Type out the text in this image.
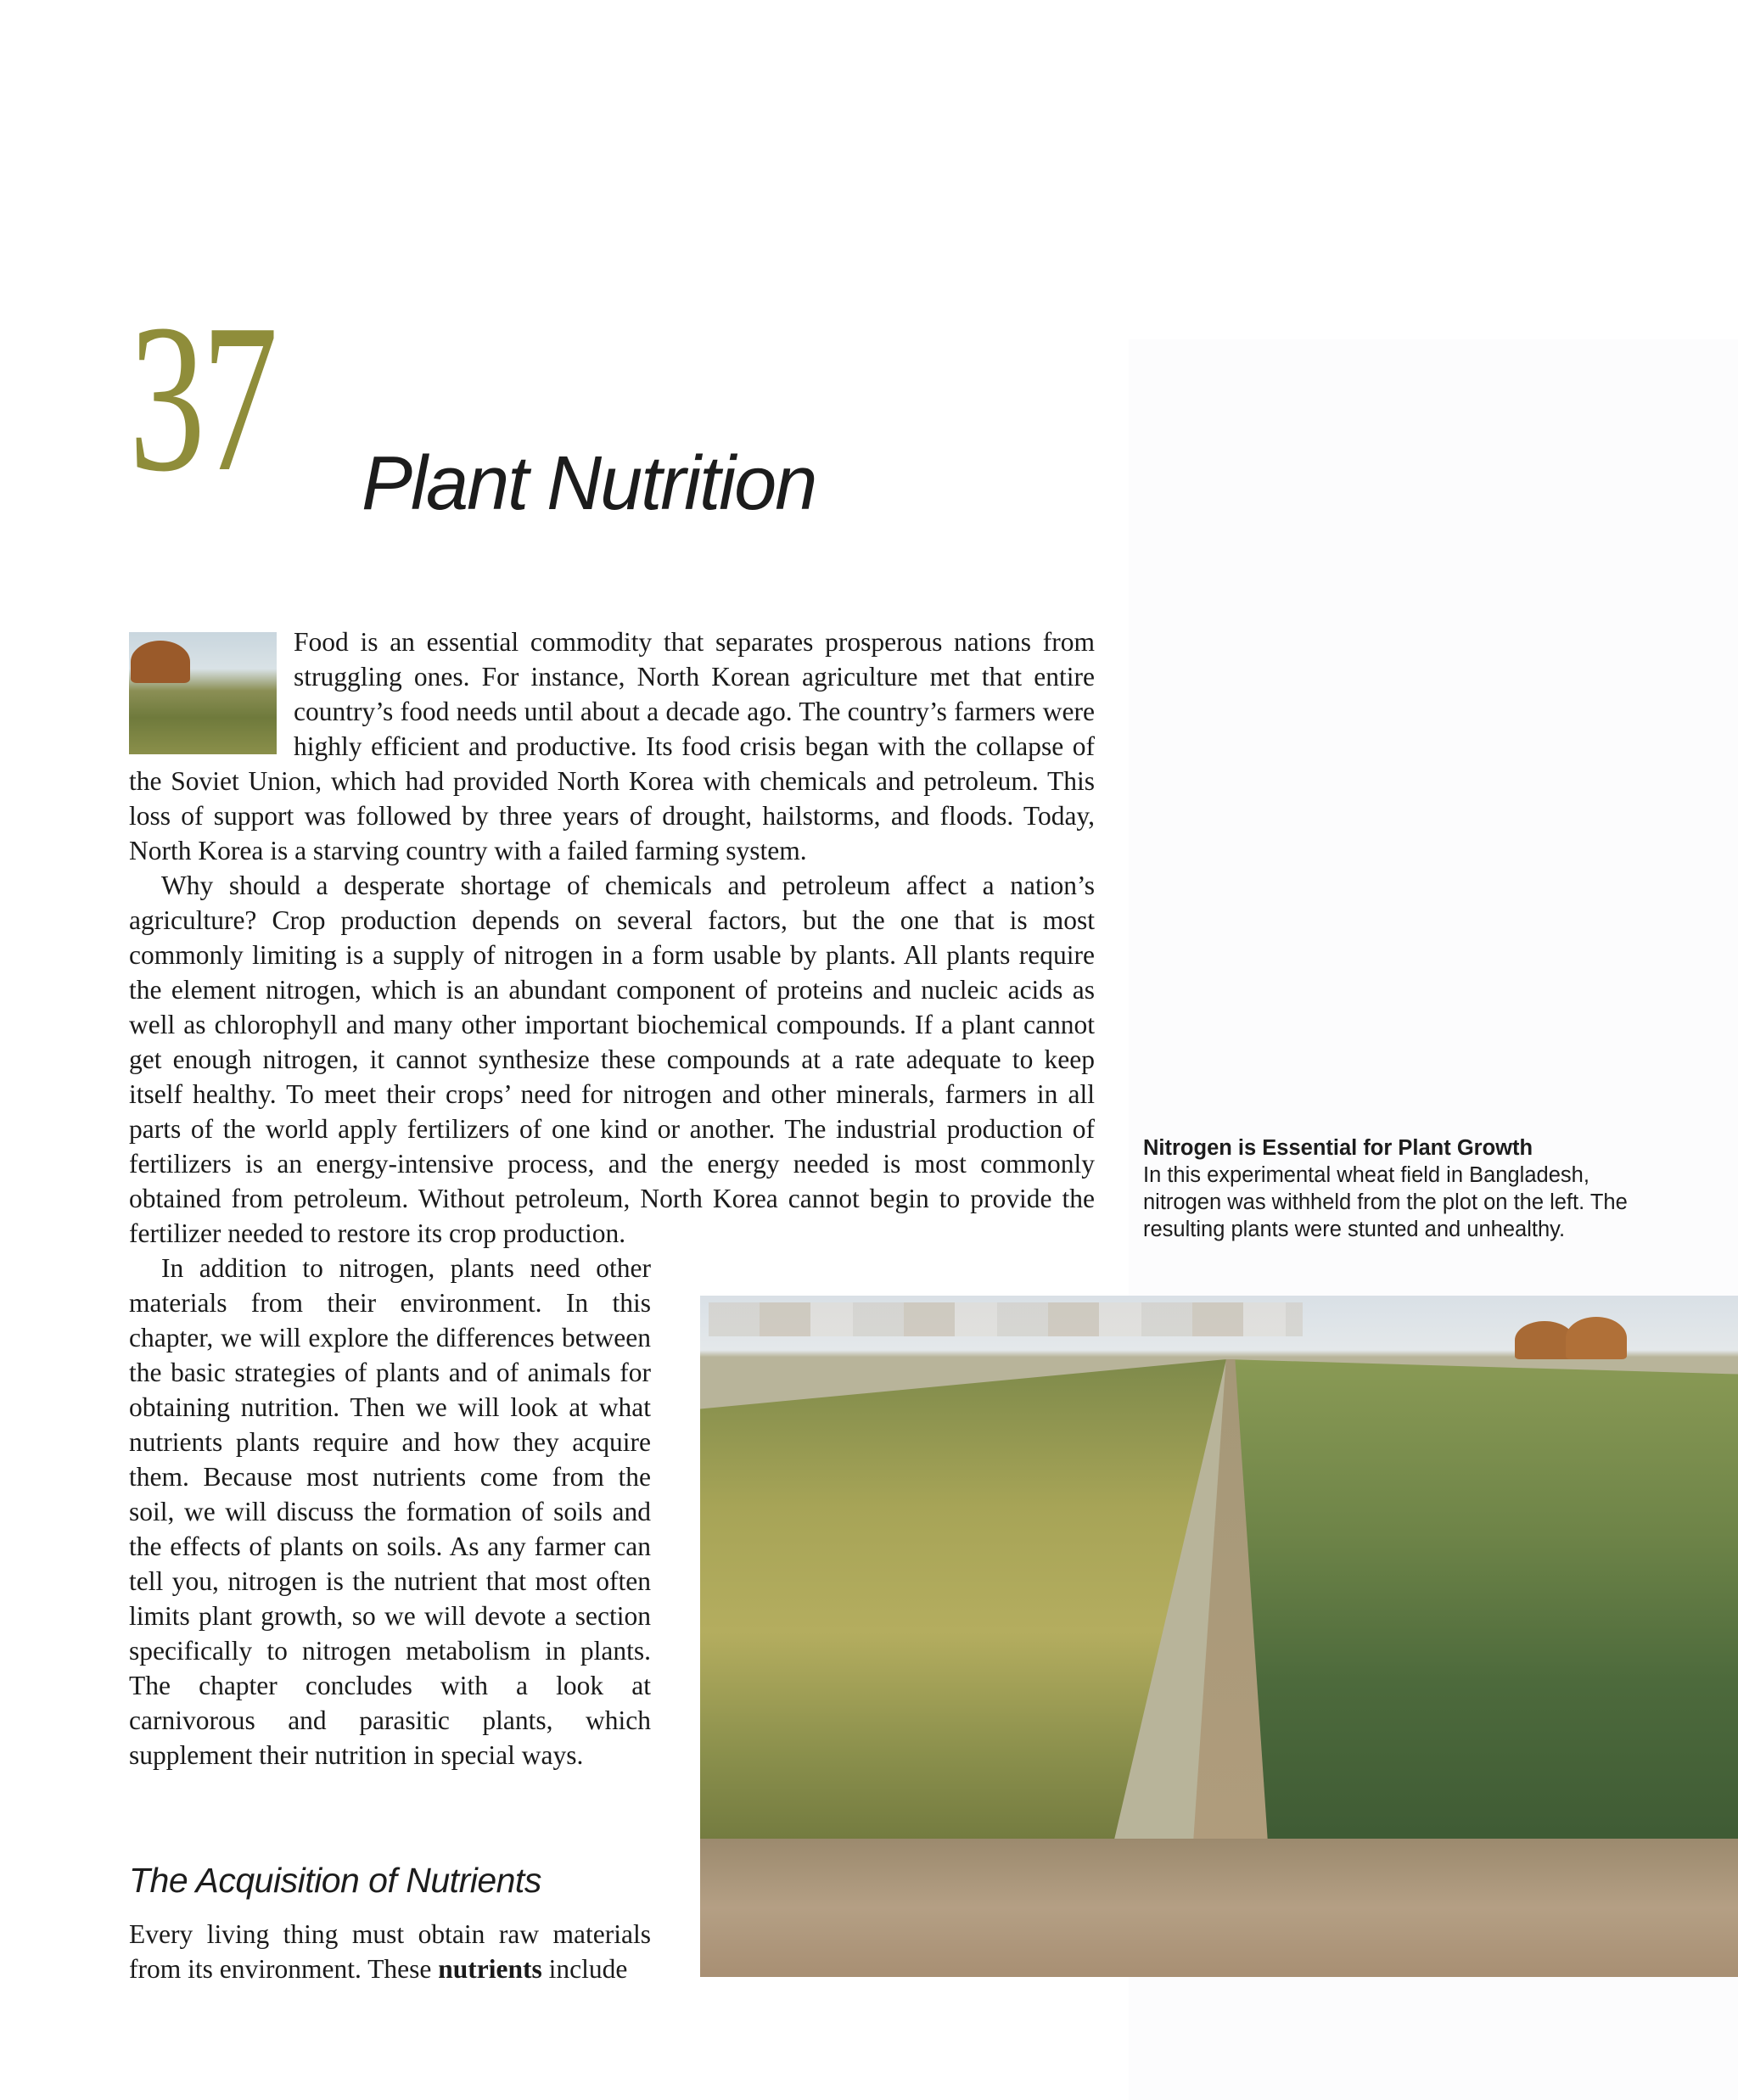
37 Plant Nutrition
Food is an essential commodity that separates prosperous nations from struggling ones. For instance, North Korean agriculture met that entire country’s food needs until about a decade ago. The country’s farmers were highly efficient and productive. Its food crisis began with the collapse of the Soviet Union, which had provided North Korea with chemicals and petroleum. This loss of support was followed by three years of drought, hailstorms, and floods. Today, North Korea is a starving country with a failed farming system.
Why should a desperate shortage of chemicals and petroleum affect a nation’s agriculture? Crop production depends on several factors, but the one that is most commonly limiting is a supply of nitrogen in a form usable by plants. All plants require the element nitrogen, which is an abundant component of proteins and nucleic acids as well as chlorophyll and many other important biochemical compounds. If a plant cannot get enough nitrogen, it cannot synthesize these compounds at a rate adequate to keep itself healthy. To meet their crops’ need for nitrogen and other minerals, farmers in all parts of the world apply fertilizers of one kind or another. The industrial production of fertilizers is an energy-intensive process, and the energy needed is most commonly obtained from petroleum. Without petroleum, North Korea cannot begin to provide the fertilizer needed to restore its crop production.
In addition to nitrogen, plants need other materials from their environment. In this chapter, we will explore the differences between the basic strategies of plants and of animals for obtaining nutrition. Then we will look at what nutrients plants require and how they acquire them. Because most nutrients come from the soil, we will discuss the formation of soils and the effects of plants on soils. As any farmer can tell you, nitrogen is the nutrient that most often limits plant growth, so we will devote a section specifically to nitrogen metabolism in plants. The chapter concludes with a look at carnivorous and parasitic plants, which supplement their nutrition in special ways.
The Acquisition of Nutrients
Every living thing must obtain raw materials from its environment. These nutrients include
Nitrogen is Essential for Plant Growth
In this experimental wheat field in Bangladesh, nitrogen was withheld from the plot on the left. The resulting plants were stunted and unhealthy.
